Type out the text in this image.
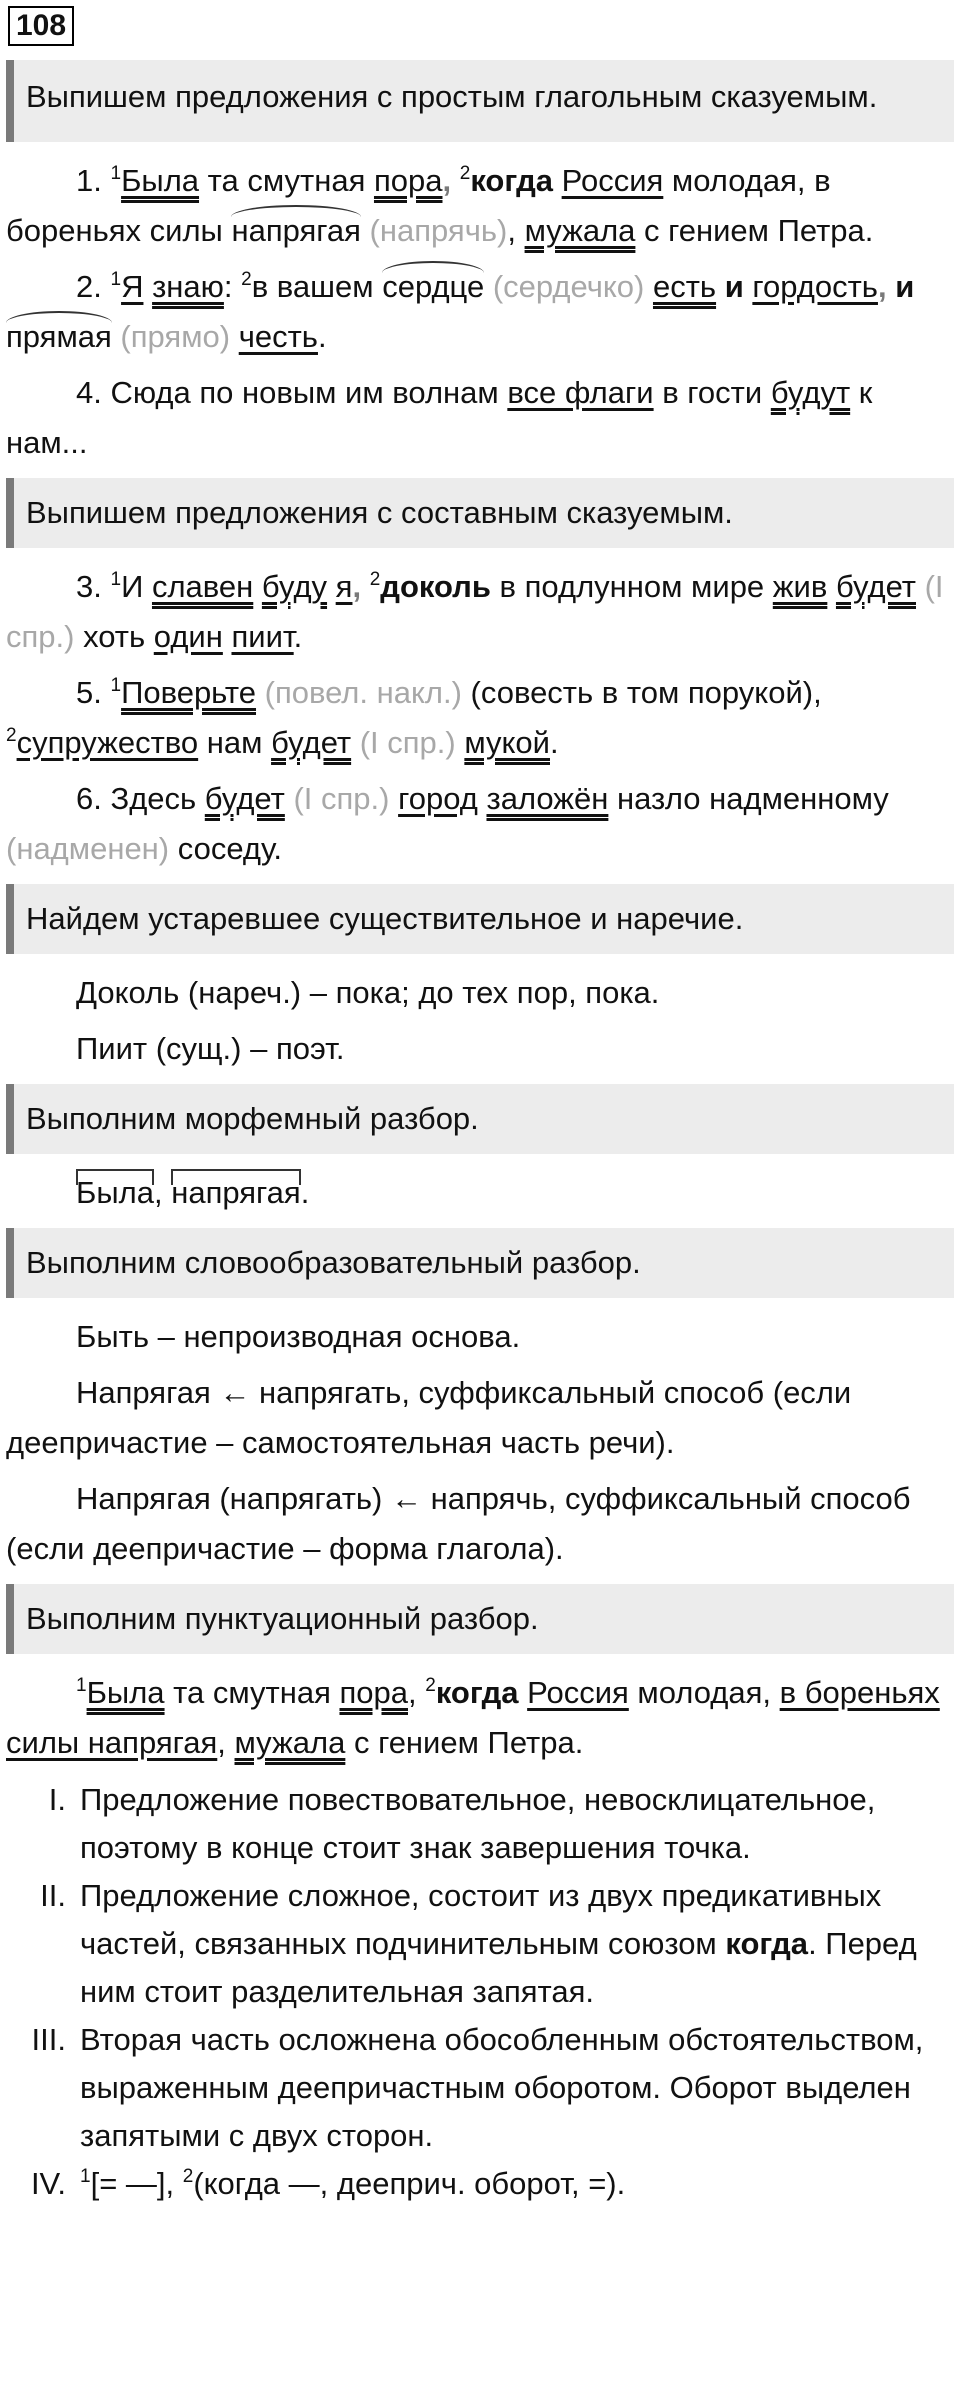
108
Выпишем предложения с простым глагольным сказуемым.
1. $^1$Была та смутная пора, $^2$когда Россия молодая, в бореньях силы напрягая (напрячь), мужала с гением Петра.
2. $^1$Я знаю: $^2$в вашем сердце (сердечко) есть и гордость, и прямая (прямо) честь.
4. Сюда по новым им волнам все флаги в гости будут к нам...
Выпишем предложения с составным сказуемым.
3. $^1$И славен буду я, $^2$доколь в подлунном мире жив будет (I спр.) хоть один пиит.
5. $^1$Поверьте (повел. накл.) (совесть в том порукой), $^2$супружество нам будет (I спр.) мукой.
6. Здесь будет (I спр.) город заложён назло надменному (надменен) соседу.
Найдем устаревшее существительное и наречие.
Доколь (нареч.) – пока; до тех пор, пока.
Пиит (сущ.) – поэт.
Выполним морфемный разбор.
Была, напрягая.
Выполним словообразовательный разбор.
Быть – непроизводная основа.
Напрягая ← напрягать, суффиксальный способ (если деепричастие – самостоятельная часть речи).
Напрягая (напрягать) ← напрячь, суффиксальный способ (если деепричастие – форма глагола).
Выполним пунктуационный разбор.
$^1$Была та смутная пора, $^2$когда Россия молодая, в бореньях силы напрягая, мужала с гением Петра.
I. Предложение повествовательное, невосклицательное, поэтому в конце стоит знак завершения точка.
II. Предложение сложное, состоит из двух предикативных частей, связанных подчинительным союзом когда. Перед ним стоит разделительная запятая.
III. Вторая часть осложнена обособленным обстоятельством, выраженным деепричастным оборотом. Оборот выделен запятыми с двух сторон.
IV. $^1$[= —], $^2$(когда —, дееприч. оборот, =).
